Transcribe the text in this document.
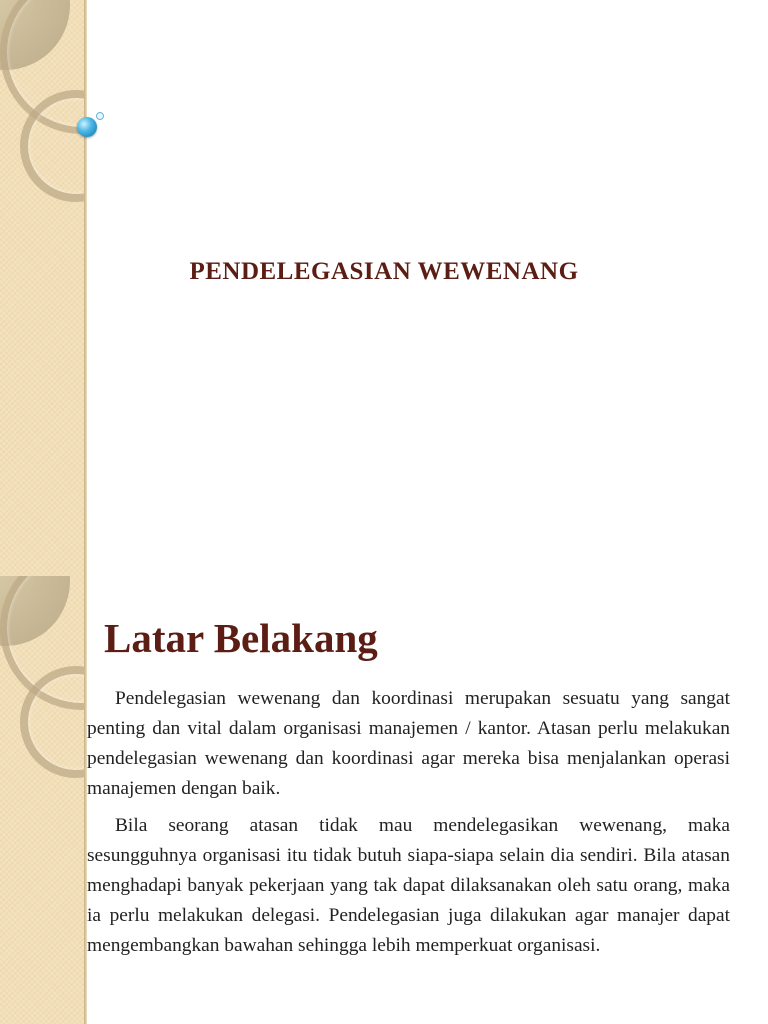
PENDELEGASIAN WEWENANG
Latar Belakang

Pendelegasian wewenang dan koordinasi merupakan sesuatu yang sangat penting dan vital dalam organisasi manajemen / kantor. Atasan perlu melakukan pendelegasian wewenang dan koordinasi agar mereka bisa menjalankan operasi manajemen dengan baik.

Bila seorang atasan tidak mau mendelegasikan wewenang, maka sesungguhnya organisasi itu tidak butuh siapa-siapa selain dia sendiri. Bila atasan menghadapi banyak pekerjaan yang tak dapat dilaksanakan oleh satu orang, maka ia perlu melakukan delegasi. Pendelegasian juga dilakukan agar manajer dapat mengembangkan bawahan sehingga lebih memperkuat organisasi.
